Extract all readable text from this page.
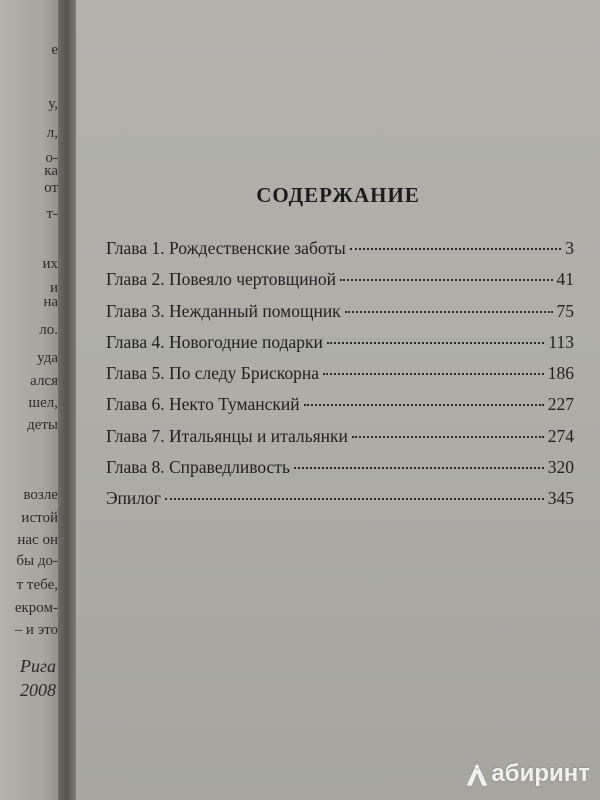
Рига
2008
е
у,
л,
о-
ка
от
т-
их
и
на
ло.
уда
ался
шел,
деты
возле
истой
нас он
бы до-
т тебе,
екром-
– и это
СОДЕРЖАНИЕ
Глава 1. Рождественские заботы	3
Глава 2. Повеяло чертовщиной	41
Глава 3. Нежданный помощник	75
Глава 4. Новогодние подарки	113
Глава 5. По следу Брискорна	186
Глава 6. Некто Туманский	227
Глава 7. Итальянцы и итальянки	274
Глава 8. Справедливость	320
Эпилог	345
абиринт
